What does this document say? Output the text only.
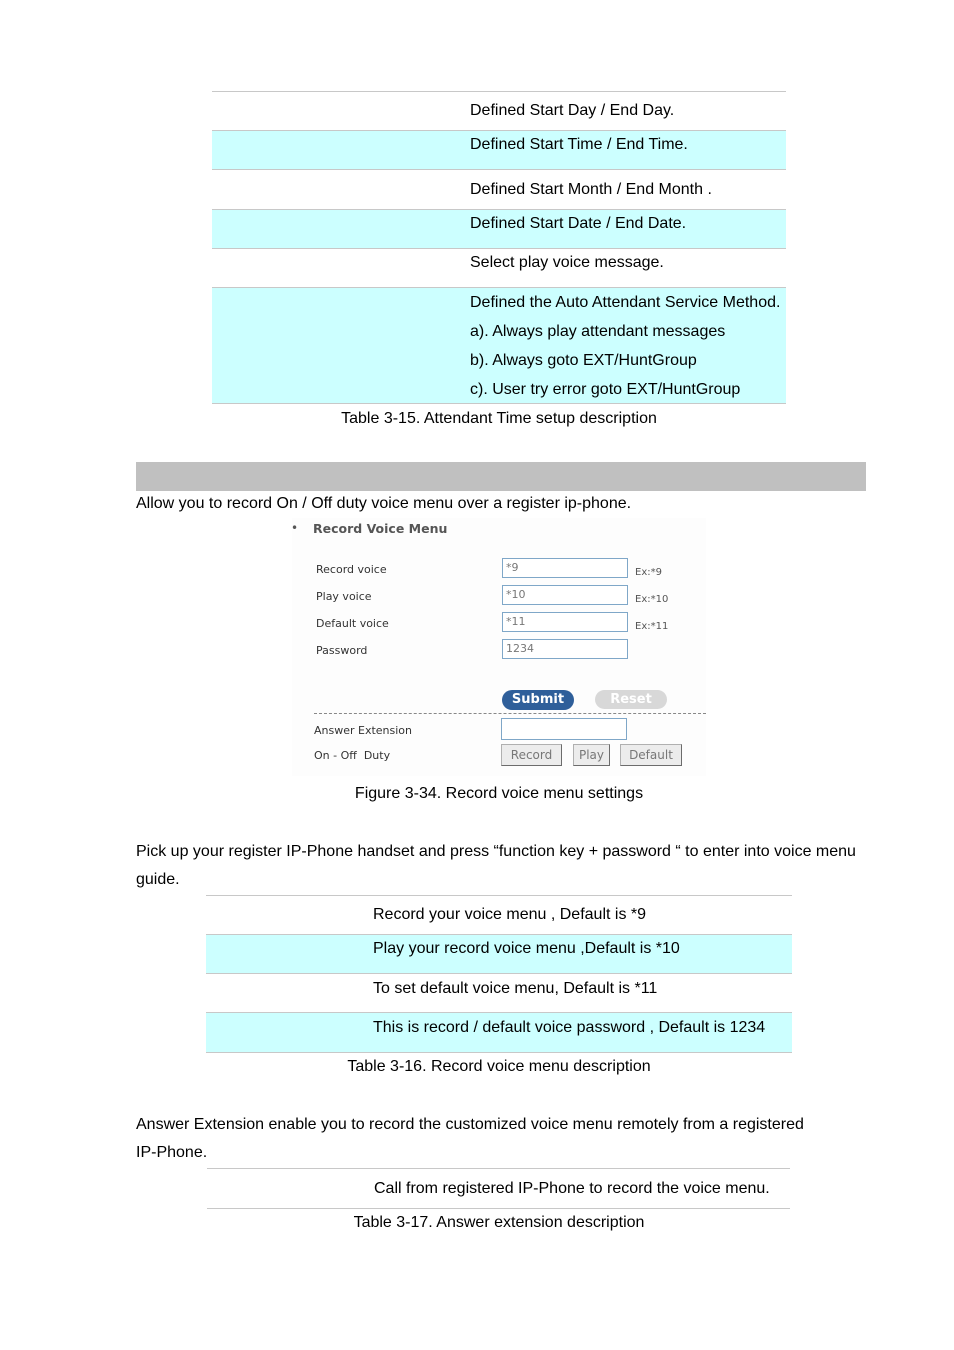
Defined Start Day / End Day.
Defined Start Time / End Time.
Defined Start Month / End Month .
Defined Start Date / End Date.
Select play voice message.
Defined the Auto Attendant Service Method.
a). Always play attendant messages
b). Always goto EXT/HuntGroup
c). User try error goto EXT/HuntGroup
Table 3-15. Attendant Time setup description
Allow you to record On / Off duty voice menu over a register ip-phone.
• Record Voice Menu
Record voice	*9	Ex:*9
Play voice	*10	Ex:*10
Default voice	*11	Ex:*11
Password	1234
Submit	Reset
Answer Extension
On - Off  Duty	Record	Play	Default
Figure 3-34. Record voice menu settings
Pick up your register IP-Phone handset and press “function key + password “ to enter into voice menu
guide.
Record your voice menu , Default is *9
Play your record voice menu ,Default is *10
To set default voice menu, Default is *11
This is record / default voice password , Default is 1234
Table 3-16. Record voice menu description
Answer Extension enable you to record the customized voice menu remotely from a registered
IP-Phone.
Call from registered IP-Phone to record the voice menu.
Table 3-17. Answer extension description
